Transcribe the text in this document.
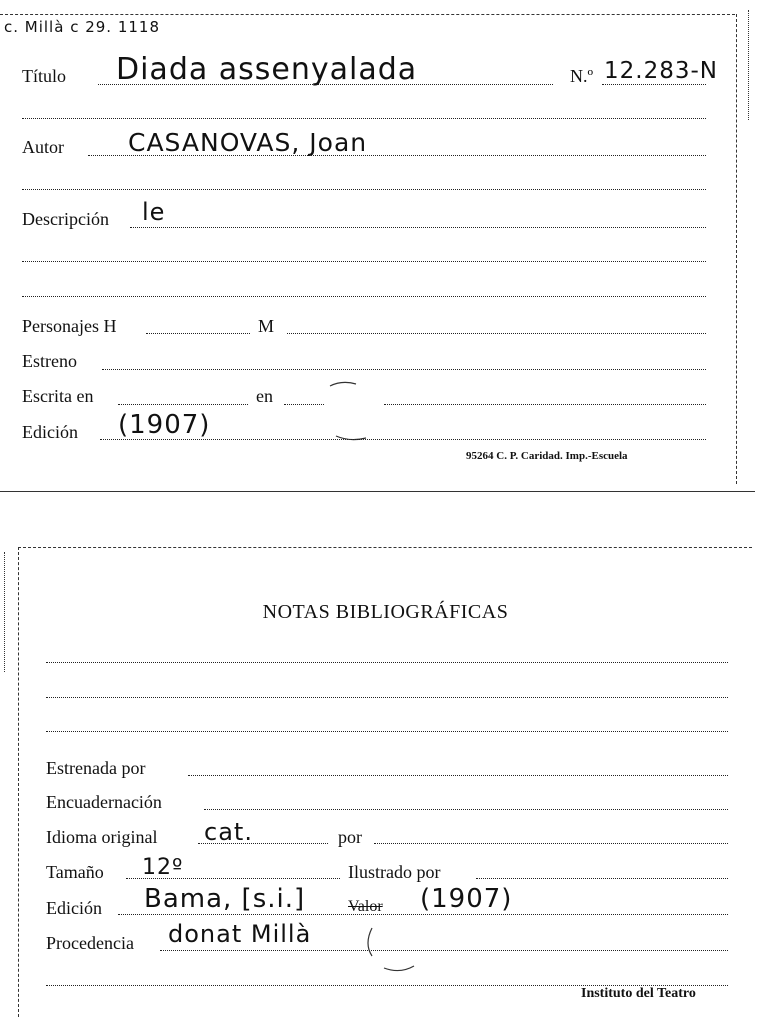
c. Millà c 29. 1118
Título Diada assenyalada	N.º 12.283-N
Autor	CASANOVAS, Joan
Descripción le
Personajes H	M
Estreno
Escrita en	en
Edición (1907)
95264 C. P. Caridad. Imp.-Escuela
NOTAS BIBLIOGRÁFICAS
Estrenada por
Encuadernación
Idioma original cat.	por
Tamaño 12º	Ilustrado por
Edición Bama, [s.i.]	Valor (1907)
Procedencia donat Millà
Instituto del Teatro
